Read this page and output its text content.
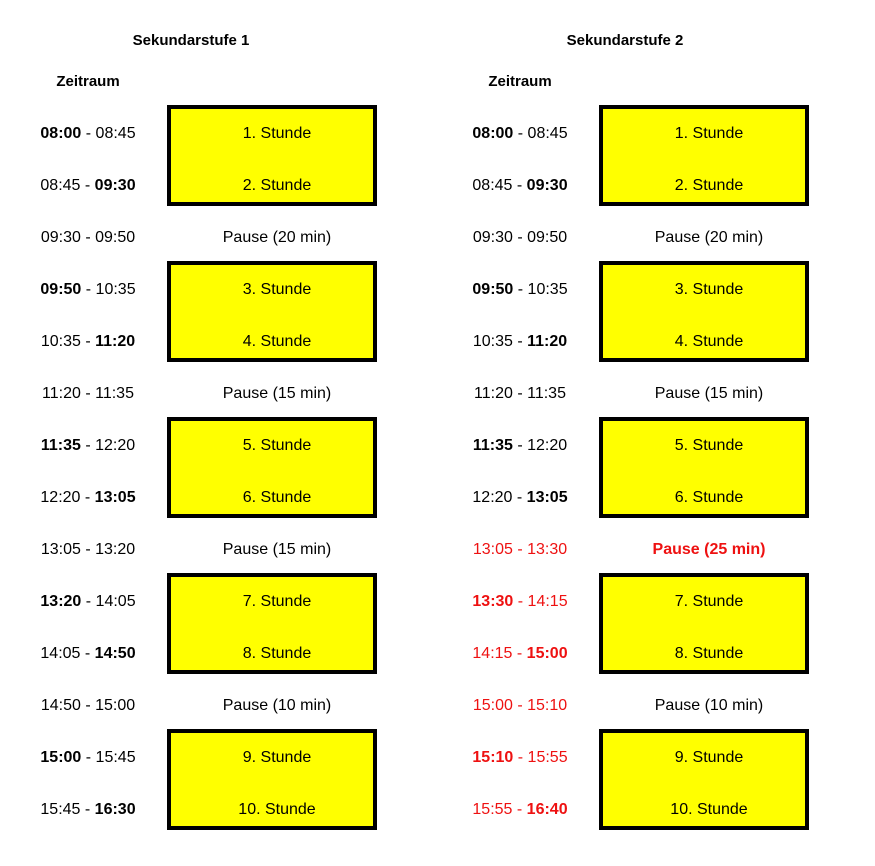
Sekundarstufe 1	Sekundarstufe 2
Zeitraum	Zeitraum
08:00 - 08:45	1. Stunde
08:45 - 09:30	2. Stunde
09:30 - 09:50	Pause (20 min)
09:50 - 10:35	3. Stunde
10:35 - 11:20	4. Stunde
11:20 - 11:35	Pause (15 min)
11:35 - 12:20	5. Stunde
12:20 - 13:05	6. Stunde
13:05 - 13:20	Pause (15 min)
13:20 - 14:05	7. Stunde
14:05 - 14:50	8. Stunde
14:50 - 15:00	Pause (10 min)
15:00 - 15:45	9. Stunde
15:45 - 16:30	10. Stunde
08:00 - 08:45	1. Stunde
08:45 - 09:30	2. Stunde
09:30 - 09:50	Pause (20 min)
09:50 - 10:35	3. Stunde
10:35 - 11:20	4. Stunde
11:20 - 11:35	Pause (15 min)
11:35 - 12:20	5. Stunde
12:20 - 13:05	6. Stunde
13:05 - 13:30	Pause (25 min)
13:30 - 14:15	7. Stunde
14:15 - 15:00	8. Stunde
15:00 - 15:10	Pause (10 min)
15:10 - 15:55	9. Stunde
15:55 - 16:40	10. Stunde
